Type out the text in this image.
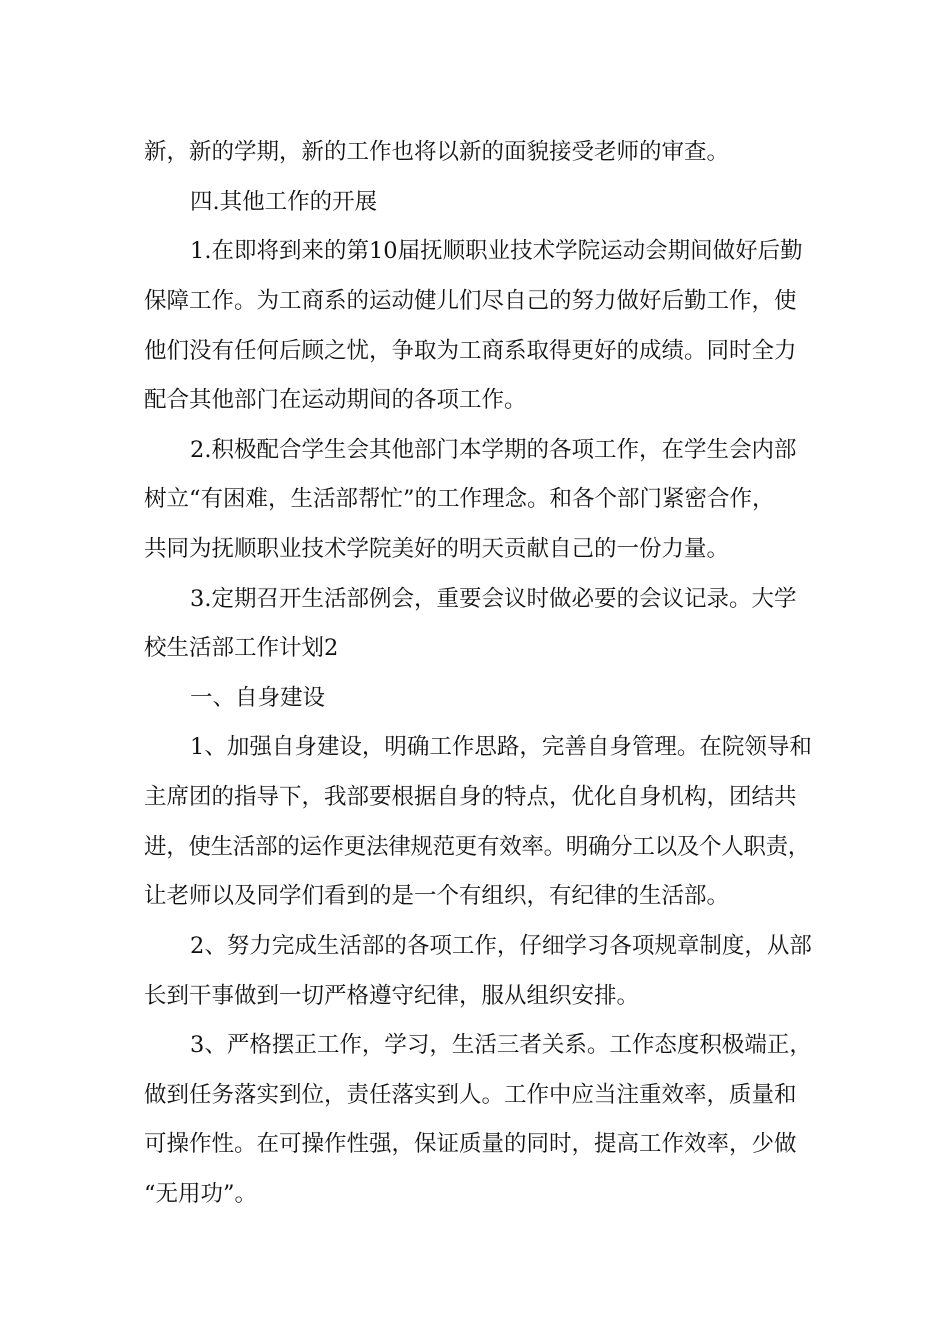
新，新的学期，新的工作也将以新的面貌接受老师的审查。
四.其他工作的开展
1.在即将到来的第10届抚顺职业技术学院运动会期间做好后勤
保障工作。为工商系的运动健儿们尽自己的努力做好后勤工作，使
他们没有任何后顾之忧，争取为工商系取得更好的成绩。同时全力
配合其他部门在运动期间的各项工作。
2.积极配合学生会其他部门本学期的各项工作，在学生会内部
树立“有困难，生活部帮忙”的工作理念。和各个部门紧密合作，
共同为抚顺职业技术学院美好的明天贡献自己的一份力量。
3.定期召开生活部例会，重要会议时做必要的会议记录。大学
校生活部工作计划2
一、自身建设
1、加强自身建设，明确工作思路，完善自身管理。在院领导和
主席团的指导下，我部要根据自身的特点，优化自身机构，团结共
进，使生活部的运作更法律规范更有效率。明确分工以及个人职责，
让老师以及同学们看到的是一个有组织，有纪律的生活部。
2、努力完成生活部的各项工作，仔细学习各项规章制度，从部
长到干事做到一切严格遵守纪律，服从组织安排。
3、严格摆正工作，学习，生活三者关系。工作态度积极端正，
做到任务落实到位，责任落实到人。工作中应当注重效率，质量和
可操作性。在可操作性强，保证质量的同时，提高工作效率，少做
“无用功”。
